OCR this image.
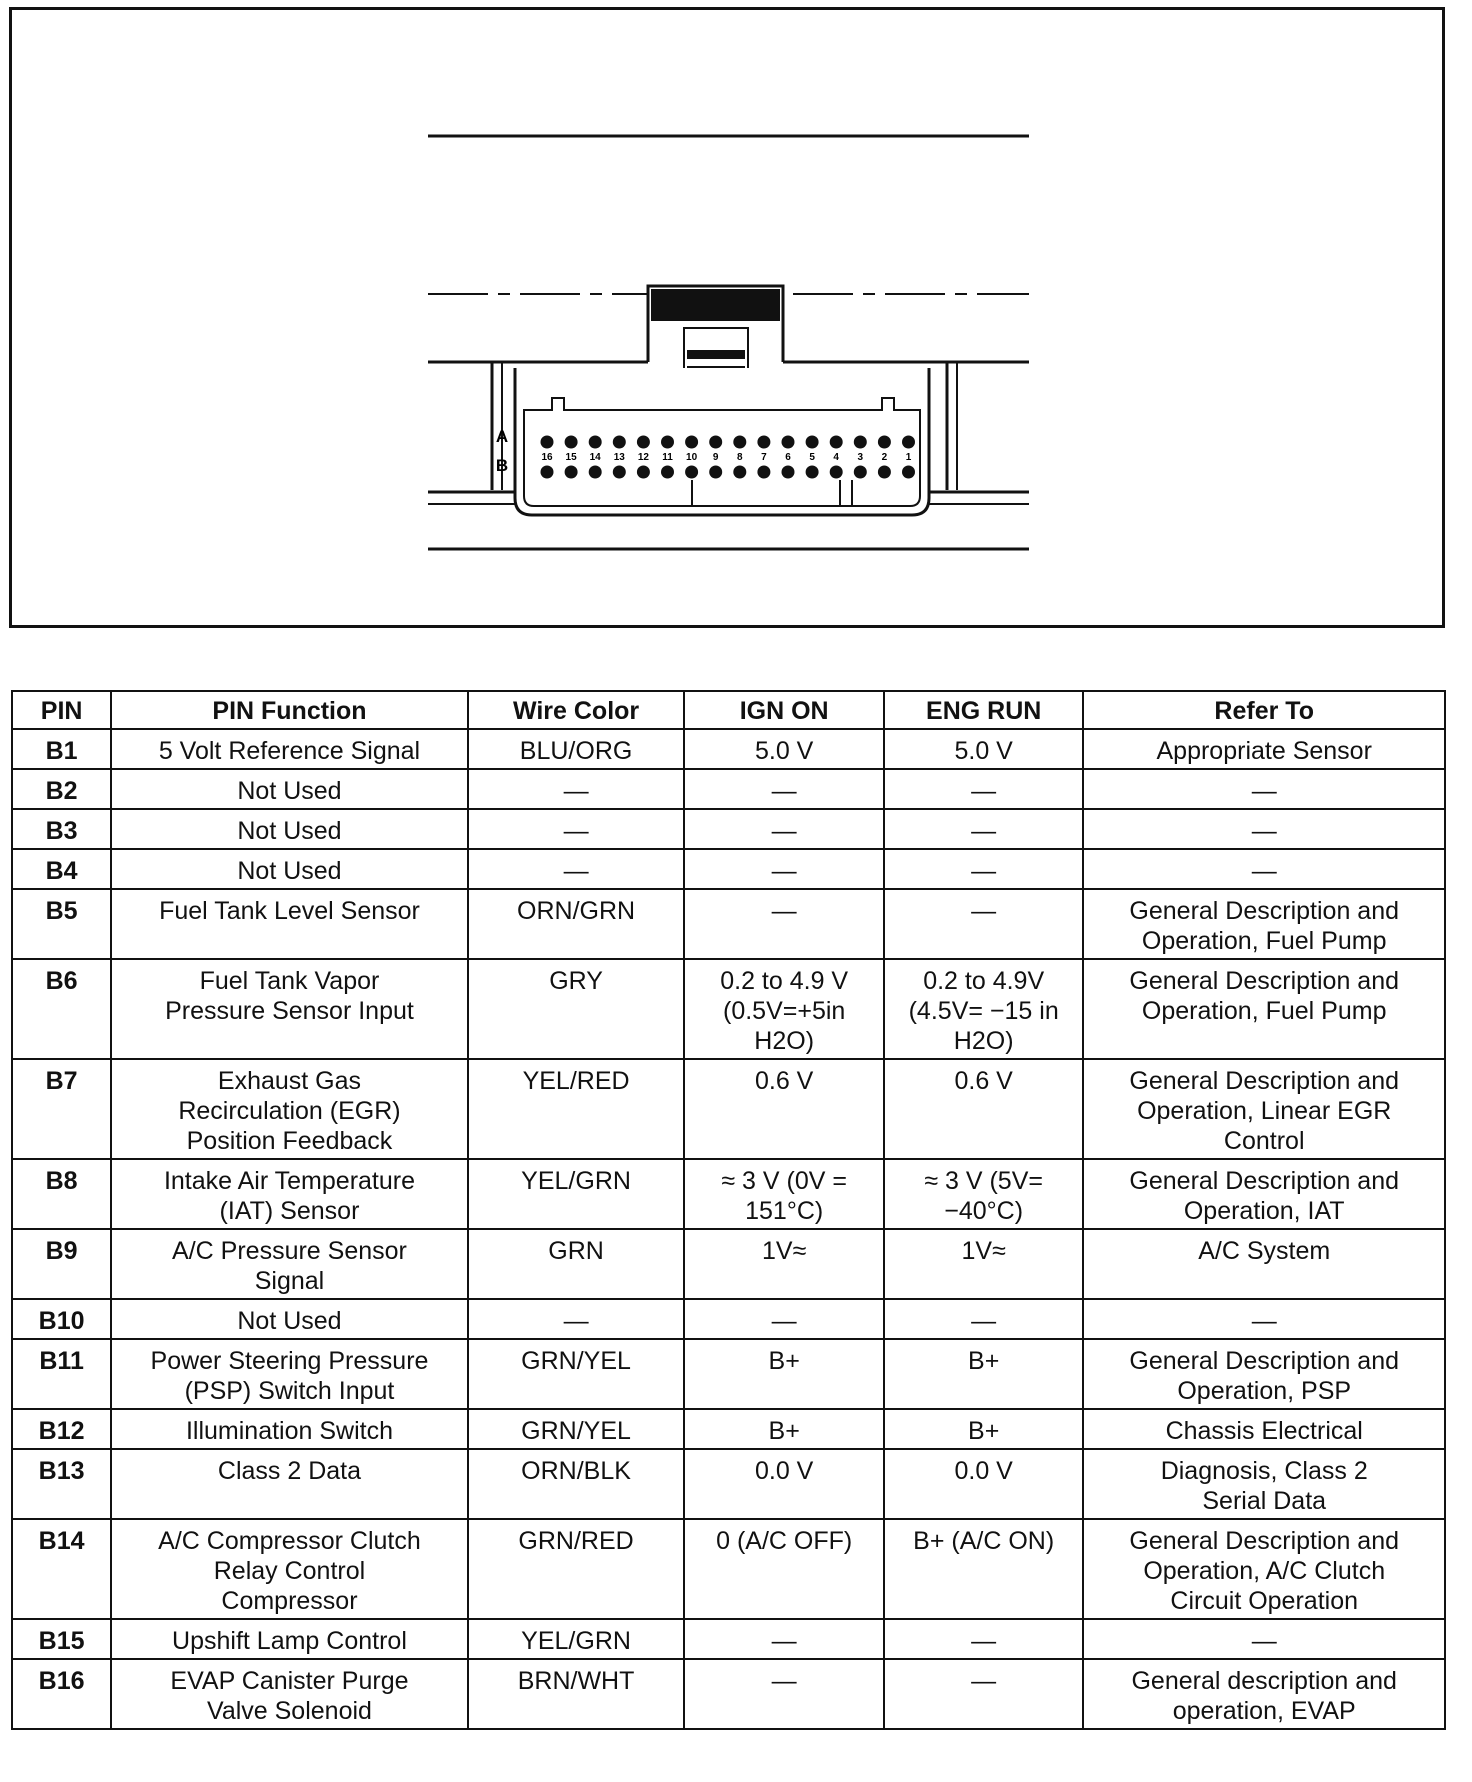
A
B	16 15 14 13 12 11 10 9 8 7 6 5 4 3 2 1
PIN	PIN Function	Wire Color	IGN ON	ENG RUN	Refer To
B1	5 Volt Reference Signal	BLU/ORG	5.0 V	5.0 V	Appropriate Sensor
B2	Not Used	—	—	—	—
B3	Not Used	—	—	—	—
B4	Not Used	—	—	—	—
B5	Fuel Tank Level Sensor	ORN/GRN	—	—	General Description and
Operation, Fuel Pump
B6	Fuel Tank Vapor
Pressure Sensor Input	GRY	0.2 to 4.9 V
(0.5V=+5in
H2O)	0.2 to 4.9V
(4.5V= −15 in
H2O)	General Description and
Operation, Fuel Pump
B7	Exhaust Gas
Recirculation (EGR)
Position Feedback	YEL/RED	0.6 V	0.6 V	General Description and
Operation, Linear EGR
Control
B8	Intake Air Temperature
(IAT) Sensor	YEL/GRN	≈ 3 V (0V =
151°C)	≈ 3 V (5V=
−40°C)	General Description and
Operation, IAT
B9	A/C Pressure Sensor
Signal	GRN	1V≈	1V≈	A/C System
B10	Not Used	—	—	—	—
B11	Power Steering Pressure
(PSP) Switch Input	GRN/YEL	B+	B+	General Description and
Operation, PSP
B12	Illumination Switch	GRN/YEL	B+	B+	Chassis Electrical
B13	Class 2 Data	ORN/BLK	0.0 V	0.0 V	Diagnosis, Class 2
Serial Data
B14	A/C Compressor Clutch
Relay Control
Compressor	GRN/RED	0 (A/C OFF)	B+ (A/C ON)	General Description and
Operation, A/C Clutch
Circuit Operation
B15	Upshift Lamp Control	YEL/GRN	—	—	—
B16	EVAP Canister Purge
Valve Solenoid	BRN/WHT	—	—	General description and
operation, EVAP
